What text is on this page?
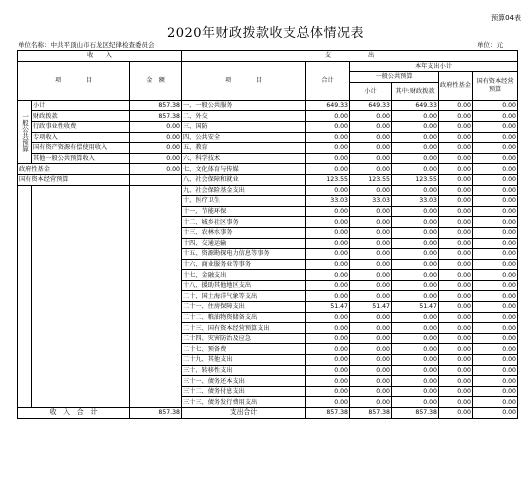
预算04表
2020年财政拨款收支总体情况表
单位名称：中共平顶山市石龙区纪律检查委员会	单位：元
收　　入			支　　　　　　出					
项　　　　目		金　额	项　　　　目	合计	本年支出小计			
					一般公共预算		政府性基金	国有资本经营预算
					小计	其中:财政拨款		
一般公共预算	小计	857.38	一、一般公共服务	649.33	649.33	649.33	0.00	0.00
	财政拨款	857.38	二、外交	0.00	0.00	0.00	0.00	0.00
	行政事业性收费	0.00	三、国防	0.00	0.00	0.00	0.00	0.00
	专项收入	0.00	四、公共安全	0.00	0.00	0.00	0.00	0.00
	国有资产资源有偿使用收入	0.00	五、教育	0.00	0.00	0.00	0.00	0.00
	其他一般公共预算收入	0.00	六、科学技术	0.00	0.00	0.00	0.00	0.00
政府性基金		0.00	七、文化体育与传媒	0.00	0.00	0.00	0.00	0.00
国有资本经营预算			八、社会保障和就业	123.55	123.55	123.55	0.00	0.00
			九、社会保险基金支出	0.00	0.00	0.00	0.00	0.00
			十、医疗卫生	33.03	33.03	33.03	0.00	0.00
			十一、节能环保	0.00	0.00	0.00	0.00	0.00
			十二、城乡社区事务	0.00	0.00	0.00	0.00	0.00
			十三、农林水事务	0.00	0.00	0.00	0.00	0.00
			十四、交通运输	0.00	0.00	0.00	0.00	0.00
			十五、资源勘探电力信息等事务	0.00	0.00	0.00	0.00	0.00
			十六、商业服务业等事务	0.00	0.00	0.00	0.00	0.00
			十七、金融支出	0.00	0.00	0.00	0.00	0.00
			十八、援助其他地区支出	0.00	0.00	0.00	0.00	0.00
			二十、国土海洋气象等支出	0.00	0.00	0.00	0.00	0.00
			二十一、住房保障支出	51.47	51.47	51.47	0.00	0.00
			二十二、粮油物资储备支出	0.00	0.00	0.00	0.00	0.00
			二十三、国有资本经营预算支出	0.00	0.00	0.00	0.00	0.00
			二十四、灾害防治及应急	0.00	0.00	0.00	0.00	0.00
			二十七、预备费	0.00	0.00	0.00	0.00	0.00
			二十九、其他支出	0.00	0.00	0.00	0.00	0.00
			三十、转移性支出	0.00	0.00	0.00	0.00	0.00
			三十一、债务还本支出	0.00	0.00	0.00	0.00	0.00
			三十二、债务付息支出	0.00	0.00	0.00	0.00	0.00
			三十三、债务发行费用支出	0.00	0.00	0.00	0.00	0.00
收　入　合　计		857.38	支出合计	857.38	857.38	857.38	0.00	0.00
